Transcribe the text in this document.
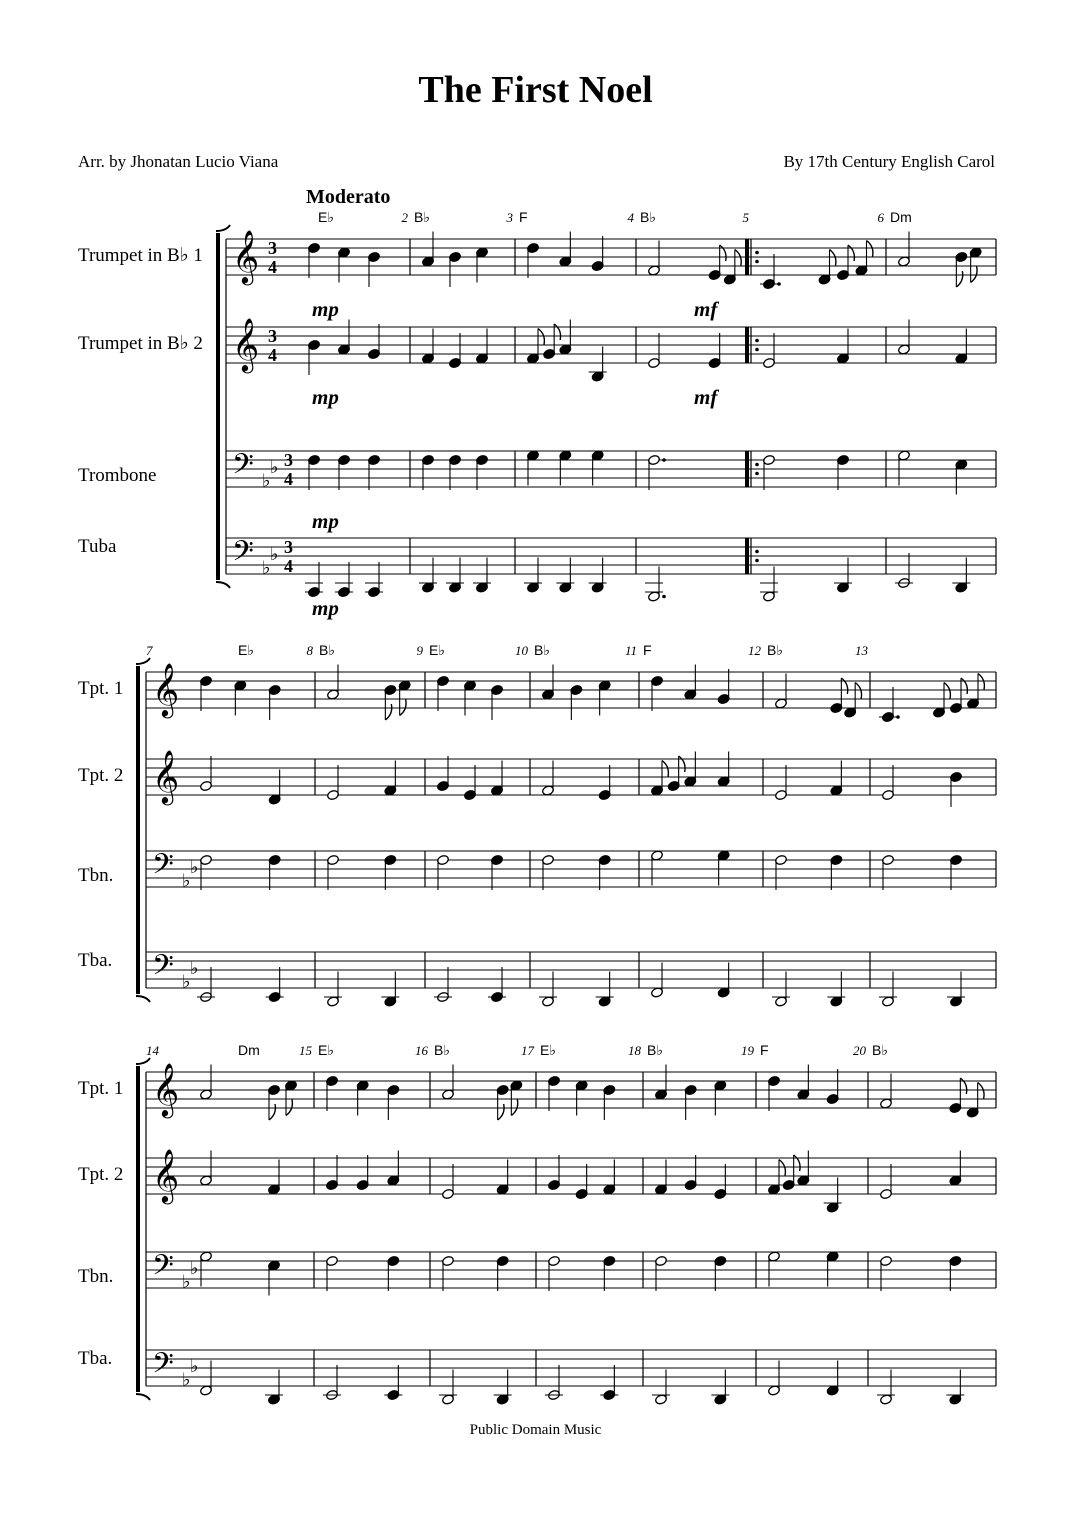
The First Noel
Arr. by Jhonatan Lucio Viana	By 17th Century English Carol
Trumpet in B♭ 1 𝄞 3
4
Trumpet in B♭ 2 𝄞 3
4
Trombone 𝄢 ♭
♭ 3
4
Tuba	𝄢 ♭
♭ 3
4
E♭	2 B♭	3 F	4 B♭	5	6 Dm
Moderato
mp	mf
mp	mf
mp
mp
Tpt. 1 𝄞
Tpt. 2 𝄞
Tbn. 𝄢 ♭
♭
Tba. 𝄢 ♭
♭
7	E♭	8 B♭	9 E♭	10 B♭	11 F	12 B♭	13
Tpt. 1 𝄞
Tpt. 2 𝄞
Tbn. 𝄢 ♭
♭
Tba. 𝄢 ♭
♭
14	Dm	15 E♭	16 B♭	17 E♭	18 B♭	19 F	20 B♭
Public Domain Music
